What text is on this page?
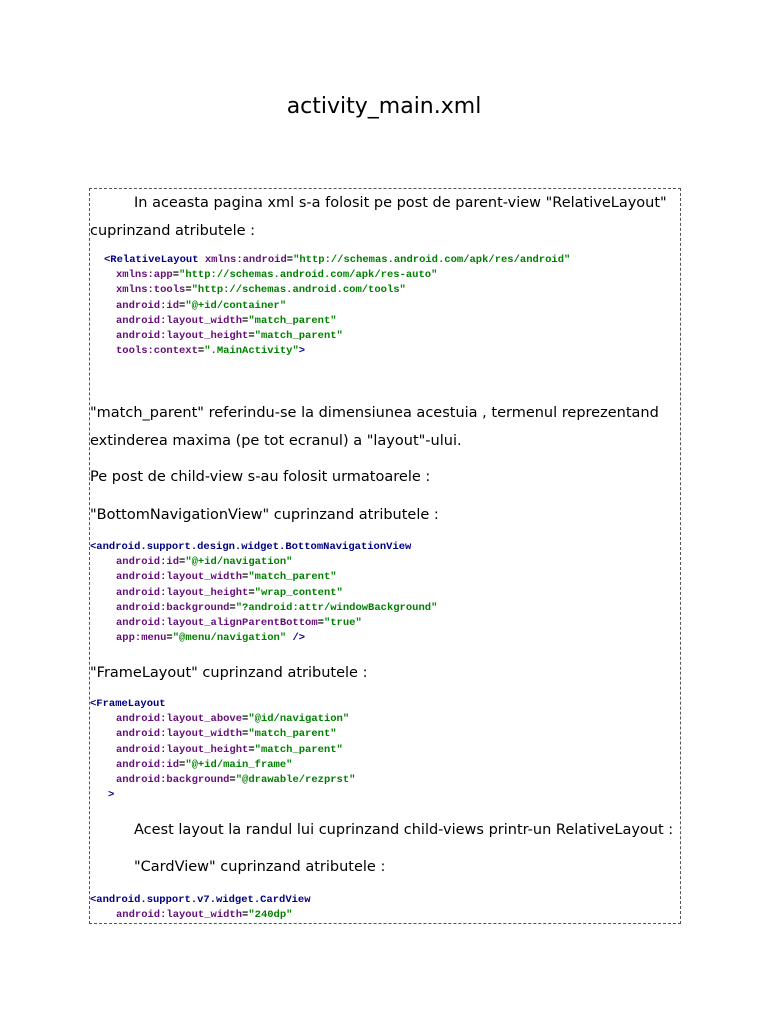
activity_main.xml
In aceasta pagina xml s-a folosit pe post de parent-view "RelativeLayout"
cuprinzand atributele :
<RelativeLayout xmlns:android="http://schemas.android.com/apk/res/android"
xmlns:app="http://schemas.android.com/apk/res-auto"
xmlns:tools="http://schemas.android.com/tools"
android:id="@+id/container"
android:layout_width="match_parent"
android:layout_height="match_parent"
tools:context=".MainActivity">
"match_parent" referindu-se la dimensiunea acestuia , termenul reprezentand
extinderea maxima (pe tot ecranul) a "layout"-ului.
Pe post de child-view s-au folosit urmatoarele :
"BottomNavigationView" cuprinzand atributele :
<android.support.design.widget.BottomNavigationView
android:id="@+id/navigation"
android:layout_width="match_parent"
android:layout_height="wrap_content"
android:background="?android:attr/windowBackground"
android:layout_alignParentBottom="true"
app:menu="@menu/navigation" />
"FrameLayout" cuprinzand atributele :
<FrameLayout
android:layout_above="@id/navigation"
android:layout_width="match_parent"
android:layout_height="match_parent"
android:id="@+id/main_frame"
android:background="@drawable/rezprst"
>
Acest layout la randul lui cuprinzand child-views printr-un RelativeLayout :
"CardView" cuprinzand atributele :
<android.support.v7.widget.CardView
android:layout_width="240dp"
